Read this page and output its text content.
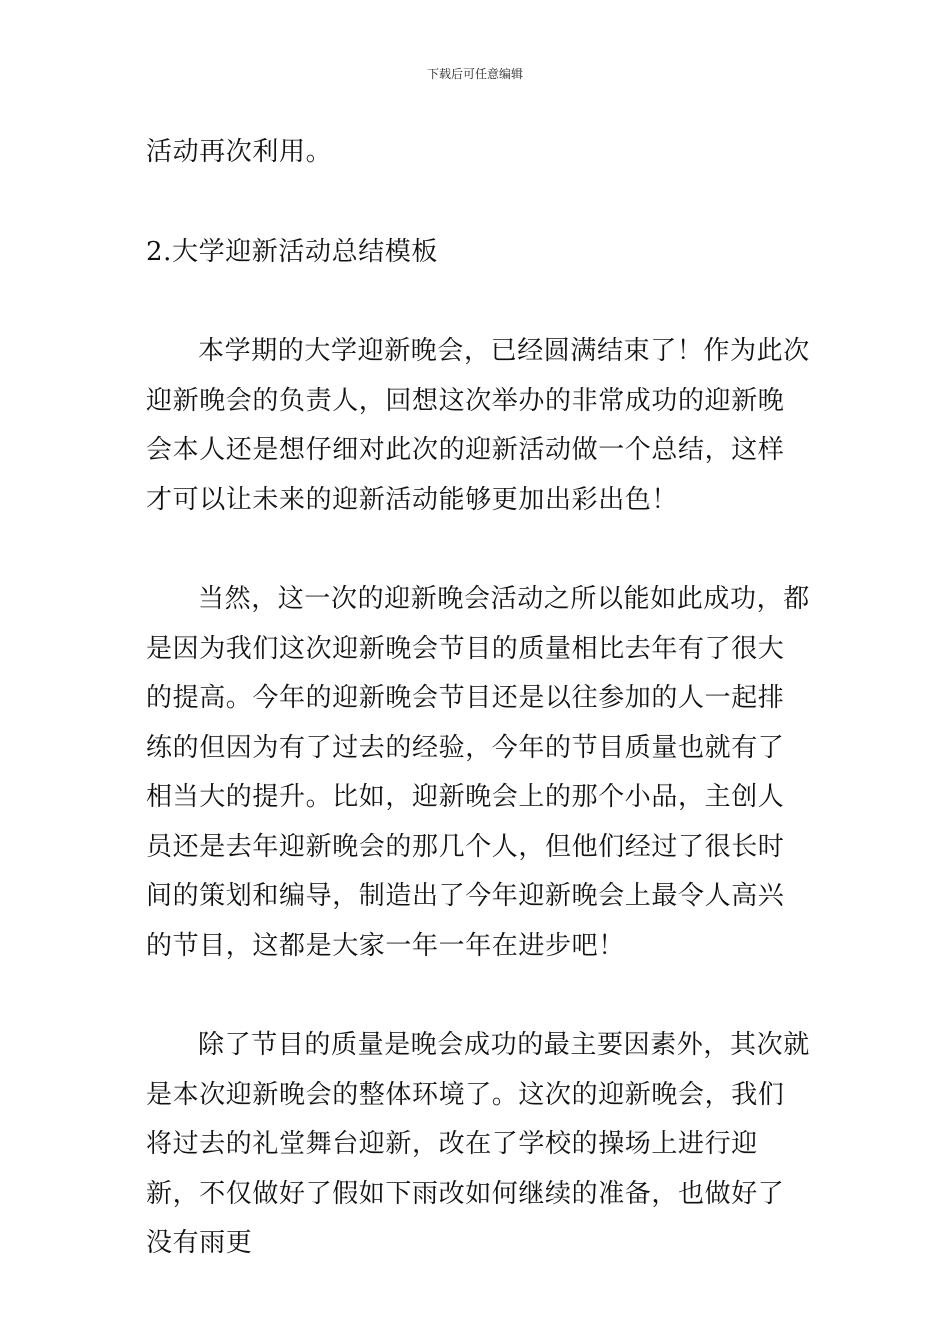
下载后可任意编辑

活动再次利用。

2.大学迎新活动总结模板

本学期的大学迎新晚会，已经圆满结束了！作为此次迎新晚会的负责人，回想这次举办的非常成功的迎新晚会本人还是想仔细对此次的迎新活动做一个总结，这样才可以让未来的迎新活动能够更加出彩出色！

当然，这一次的迎新晚会活动之所以能如此成功，都是因为我们这次迎新晚会节目的质量相比去年有了很大的提高。今年的迎新晚会节目还是以往参加的人一起排练的但因为有了过去的经验，今年的节目质量也就有了相当大的提升。比如，迎新晚会上的那个小品，主创人员还是去年迎新晚会的那几个人，但他们经过了很长时间的策划和编导，制造出了今年迎新晚会上最令人高兴的节目，这都是大家一年一年在进步吧！

除了节目的质量是晚会成功的最主要因素外，其次就是本次迎新晚会的整体环境了。这次的迎新晚会，我们将过去的礼堂舞台迎新，改在了学校的操场上进行迎新，不仅做好了假如下雨改如何继续的准备，也做好了没有雨更
